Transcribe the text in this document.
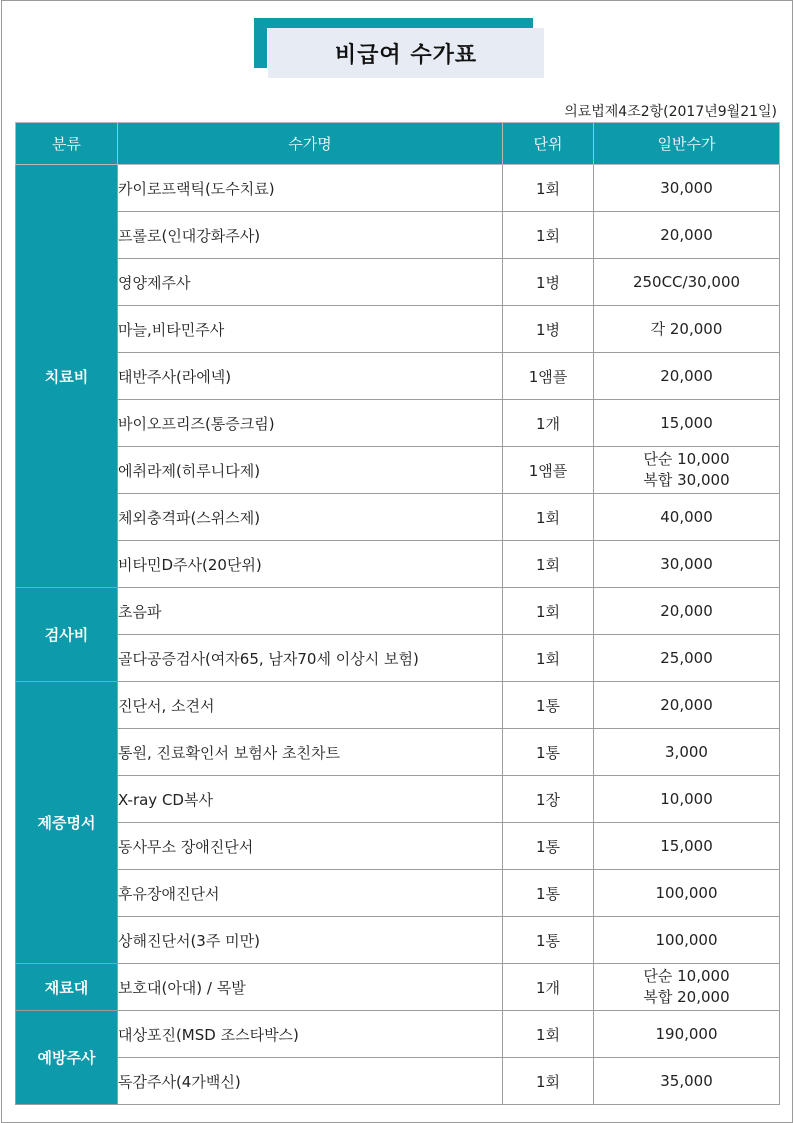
비급여 수가표
의료법제4조2항(2017년9월21일)
분류	수가명	단위	일반수가
치료비	카이로프랙틱(도수치료)	1회	30,000

	프롤로(인대강화주사)	1회	20,000

	영양제주사	1병	250CC/30,000

	마늘,비타민주사	1병	각 20,000

	태반주사(라에넥)	1앰플	20,000

	바이오프리즈(통증크림)	1개	15,000

	에취라제(히루니다제)	1앰플	단순 10,000
복합 30,000

	체외충격파(스위스제)	1회	40,000

	비타민D주사(20단위)	1회	30,000

검사비	초음파	1회	20,000

	골다공증검사(여자65, 남자70세 이상시 보험)	1회	25,000

제증명서	진단서, 소견서	1통	20,000

	통원, 진료확인서 보험사 초친차트	1통	3,000

	X-ray CD복사	1장	10,000

	동사무소 장애진단서	1통	15,000

	후유장애진단서	1통	100,000

	상해진단서(3주 미만)	1통	100,000

재료대	보호대(아대) / 목발	1개	단순 10,000
복합 20,000

예방주사	대상포진(MSD 조스타박스)	1회	190,000

	독감주사(4가백신)	1회	35,000
